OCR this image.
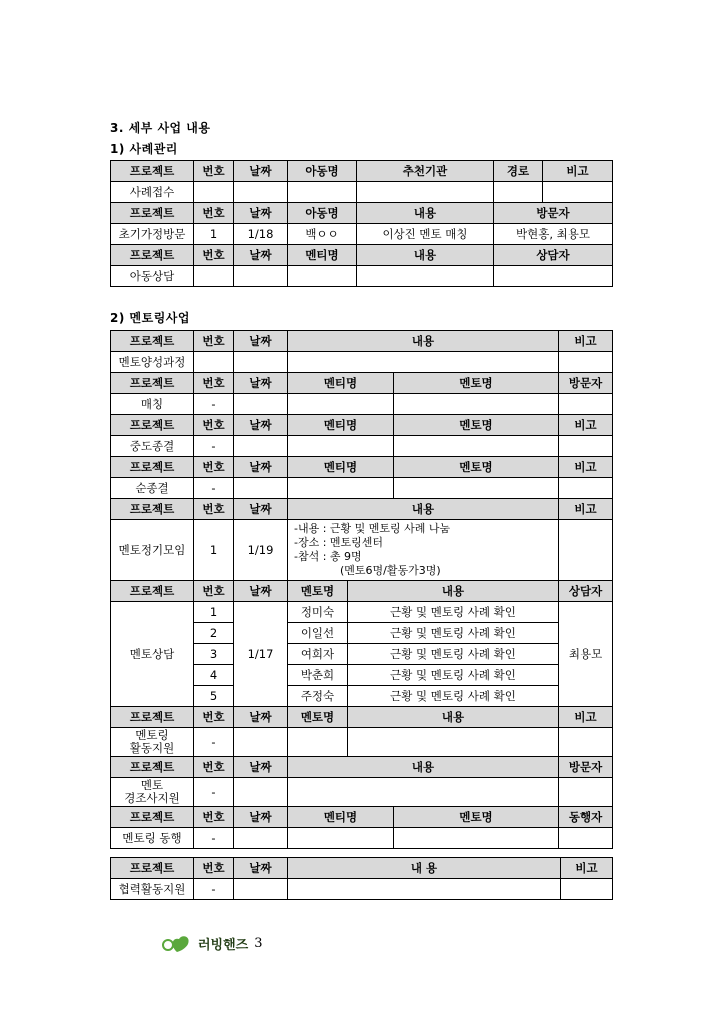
3. 세부 사업 내용
1) 사례관리
프로젝트	번호	날짜	아동명	추천기관	경로	비고
사례접수						
프로젝트	번호	날짜	아동명	내용	방문자	
초기가정방문	1	1/18	백ㅇㅇ	이상진 멘토 매칭	박현홍, 최용모	
프로젝트	번호	날짜	멘티명	내용	상담자	
아동상담						
2) 멘토링사업
프로젝트	번호	날짜	내용			비고
멘토양성과정						
프로젝트	번호	날짜	멘티명		멘토명	방문자
매칭	-					
프로젝트	번호	날짜	멘티명		멘토명	비고
중도종결	-					
프로젝트	번호	날짜	멘티명		멘토명	비고
순종결	-					
프로젝트	번호	날짜	내용			비고
멘토정기모임	1	1/19	-내용 : 근황 및 멘토링 사례 나눔
-장소 : 멘토링센터
-참석 : 총 9명
(멘토6명/활동가3명)			

프로젝트	번호	날짜	멘토명	내용		상담자
멘토상담	1	1/17	정미숙	근황 및 멘토링 사례 확인		최용모
	2		이일선	근황 및 멘토링 사례 확인		
	3		여희자	근황 및 멘토링 사례 확인		
	4		박춘희	근황 및 멘토링 사례 확인		
	5		주정숙	근황 및 멘토링 사례 확인		
프로젝트	번호	날짜	멘토명	내용		비고
멘토링
활동지원	-					
프로젝트	번호	날짜	내용			방문자
멘토
경조사지원	-					
프로젝트	번호	날짜	멘티명		멘토명	동행자
멘토링 동행	-					
프로젝트	번호	날짜	내 용	비고
협력활동지원	-			
러빙핸즈 3
